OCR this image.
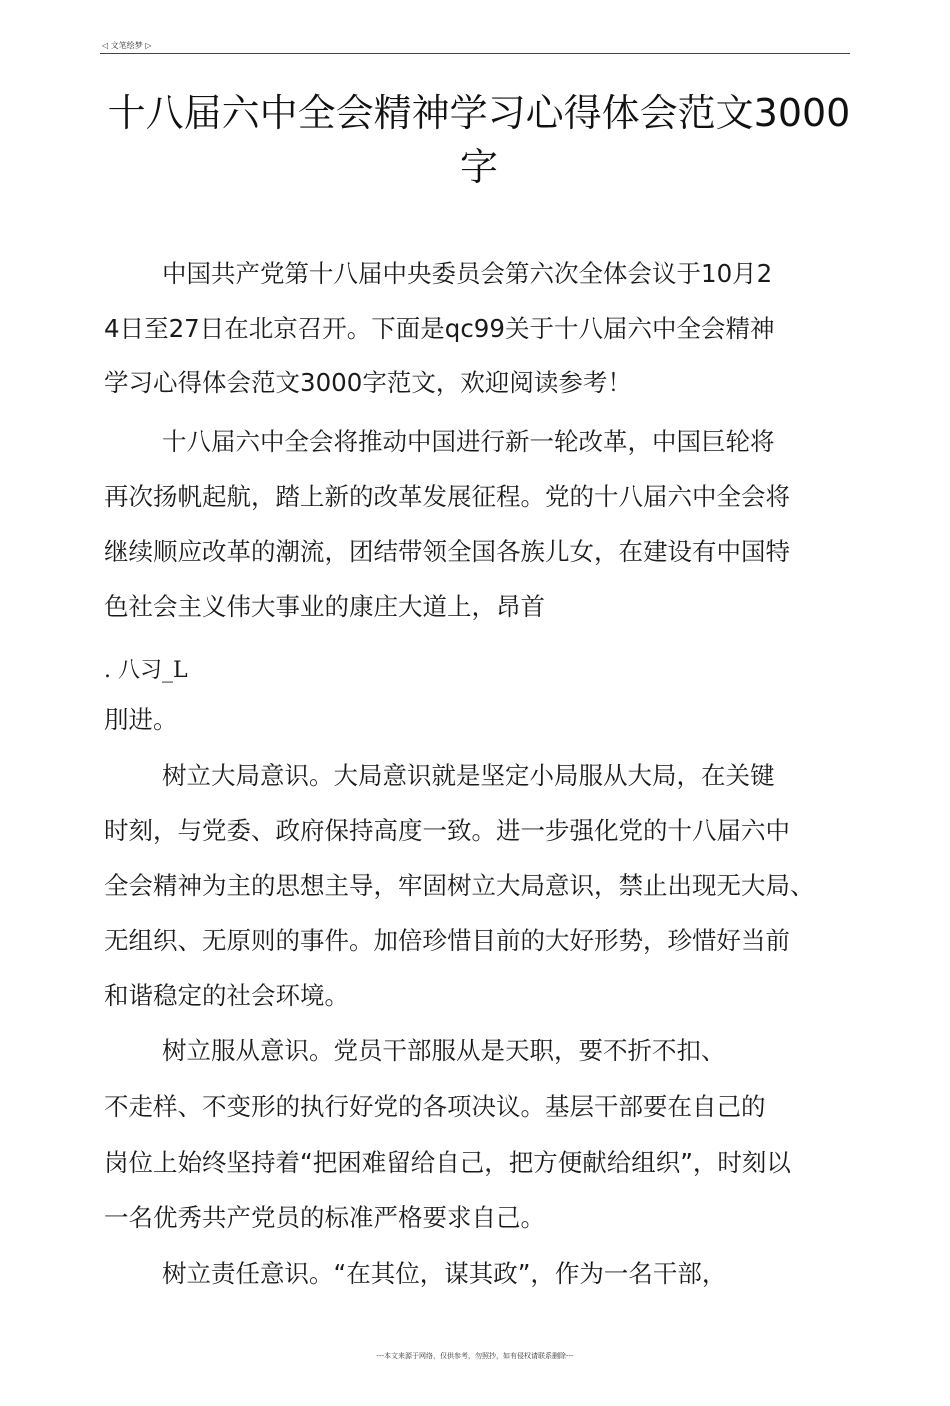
◁ 文笔绘梦 ▷
十八届六中全会精神学习心得体会范文3000字
中国共产党第十八届中央委员会第六次全体会议于10月2
4日至27日在北京召开。下面是qc99关于十八届六中全会精神
学习心得体会范文3000字范文，欢迎阅读参考！
十八届六中全会将推动中国进行新一轮改革，中国巨轮将
再次扬帆起航，踏上新的改革发展征程。党的十八届六中全会将
继续顺应改革的潮流，团结带领全国各族儿女，在建设有中国特
色社会主义伟大事业的康庄大道上，昂首
. 八习_L
刖进。
树立大局意识。大局意识就是坚定小局服从大局，在关键
时刻，与党委、政府保持高度一致。进一步强化党的十八届六中
全会精神为主的思想主导，牢固树立大局意识，禁止出现无大局、
无组织、无原则的事件。加倍珍惜目前的大好形势，珍惜好当前
和谐稳定的社会环境。
树立服从意识。党员干部服从是天职，要不折不扣、
不走样、不变形的执行好党的各项决议。基层干部要在自己的
岗位上始终坚持着“把困难留给自己，把方便献给组织”，时刻以
一名优秀共产党员的标准严格要求自己。
树立责任意识。“在其位，谋其政”，作为一名干部，
---本文来源于网络，仅供参考，勿照抄，如有侵权请联系删除---
